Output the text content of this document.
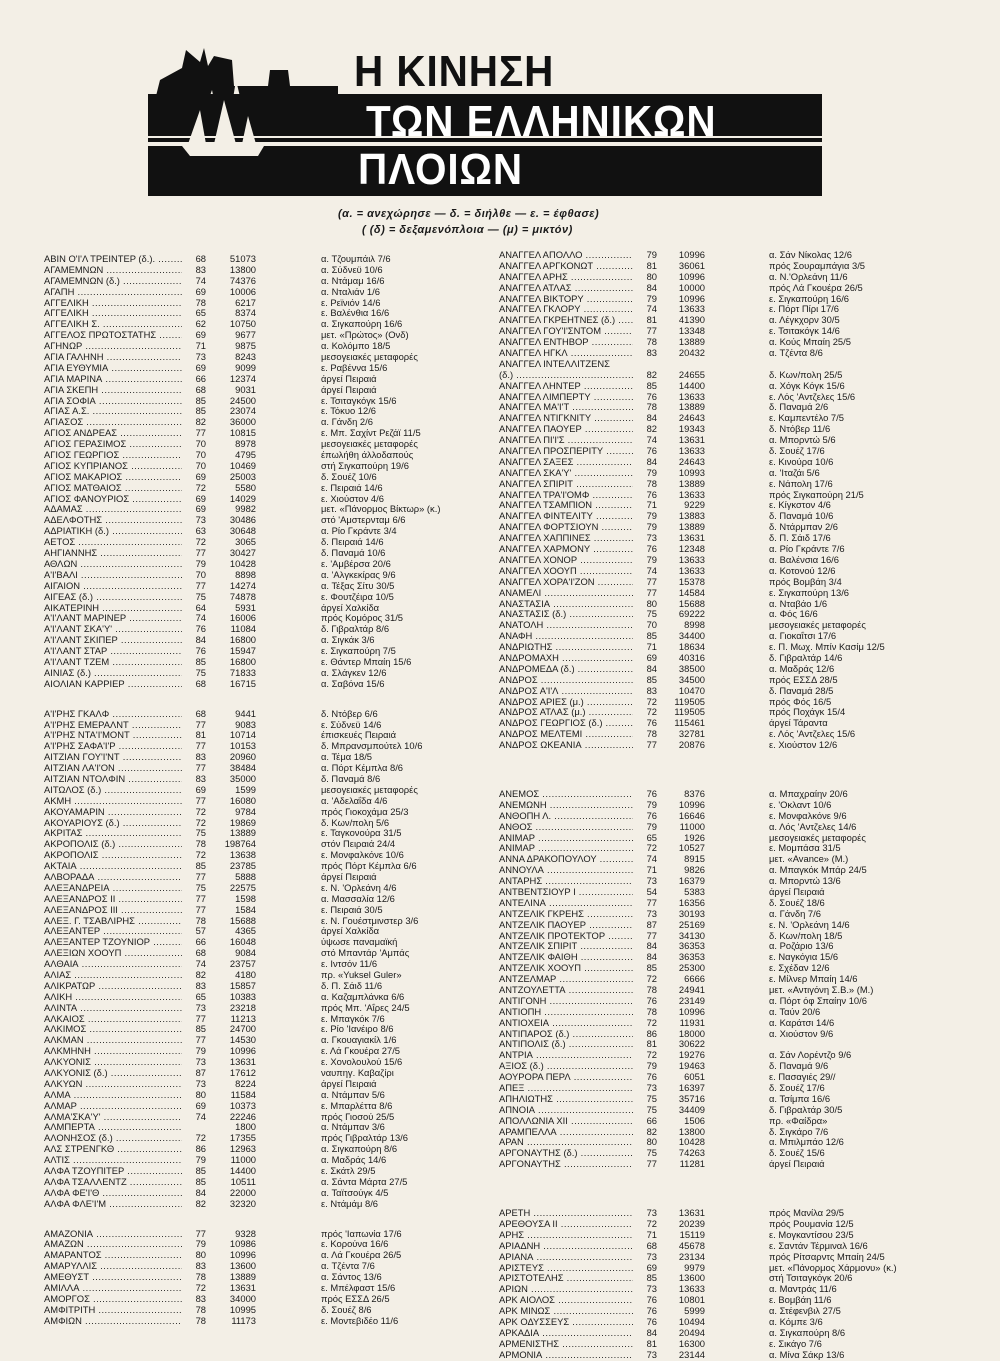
Η ΚΙΝΗΣΗ
ΤΩΝ ΕΛΛΗΝΙΚΩΝ
ΠΛΟΙΩΝ
(α. = ανεχώρησε — δ. = διήλθε — ε. = έφθασε)
( (δ) = δεξαμενόπλοια — (μ) = μικτόν)
ΑΒΙΝ Ο'Ι'Λ ΤΡΕΙΝΤΕΡ (δ.). .....	68	51073	α. Τζουμπάιλ 7/6
ΑΓΑΜΕΜΝΩΝ .....	83	13800	α. Σύδνεϋ 10/6
ΑΓΑΜΕΜΝΩΝ (δ.) .....	74	74376	α. Ντάμαμ 16/6
ΑΓΑΠΗ .....	69	10006	α. Νταλιάν 1/6
ΑΓΓΕΛΙΚΗ .....	78	6217	ε. Ρεϊνιόν 14/6
ΑΓΓΕΛΙΚΗ .....	65	8374	ε. Βαλένθια 16/6
ΑΓΓΕΛΙΚΗ Σ. .....	62	10750	α. Σιγκαπούρη 16/6
ΑΓΓΕΛΟΣ ΠΡΩΤΟΣΤΑΤΗΣ .....	69	9677	μετ. «Πρώτος» (Ονδ)
ΑΓΗΝΩΡ .....	71	9875	α. Κολόμπο 18/5
ΑΓΙΑ ΓΑΛΗΝΗ .....	73	8243	μεσογειακές μεταφορές
ΑΓΙΑ ΕΥΘΥΜΙΑ .....	69	9099	ε. Ραβέννα 15/6
ΑΓΙΑ ΜΑΡΙΝΑ .....	66	12374	άργεί Πειραιά
ΑΓΙΑ ΣΚΕΠΗ .....	68	9031	άργεί Πειραιά
ΑΓΙΑ ΣΟΦΙΑ .....	85	24500	ε. Τσιταγκόγκ 15/6
ΑΓΙΑΣ Α.Σ. .....	85	23074	ε. Τόκυο 12/6
ΑΓΙΑΣΟΣ .....	82	36000	α. Γάνδη 2/6
ΑΓΙΟΣ ΑΝΔΡΕΑΣ .....	77	10815	ε. Μπ. Σαχίντ Ρεζάϊ 11/5
ΑΓΙΟΣ ΓΕΡΑΣΙΜΟΣ .....	70	8978	μεσογειακές μεταφορές
ΑΓΙΟΣ ΓΕΩΡΓΙΟΣ .....	70	4795	έπωλήθη άλλοδαπούς
ΑΓΙΟΣ ΚΥΠΡΙΑΝΟΣ .....	70	10469	στή Σιγκαπούρη 19/6
ΑΓΙΟΣ ΜΑΚΑΡΙΟΣ .....	69	25003	δ. Σουέζ 10/6
ΑΓΙΟΣ ΜΑΤΘΑΙΟΣ .....	72	5580	ε. Πειραιά 14/6
ΑΓΙΟΣ ΦΑΝΟΥΡΙΟΣ .....	69	14029	ε. Χιούστον 4/6
ΑΔΑΜΑΣ .....	69	9982	μετ. «Πάνορμος Βίκτωρ» (κ.)
ΑΔΕΛΦΟΤΗΣ .....	73	30486	στό 'Αμστερνταμ 6/6
ΑΔΡΙΑΤΙΚΗ (δ.) .....	63	30648	α. Ρίο Γκράντε 3/4
ΑΕΤΟΣ .....	72	3065	δ. Πειραιά 14/6
ΑΗΓΙΑΝΝΗΣ .....	77	30427	δ. Παναμά 10/6
ΑΘΛΩΝ .....	79	10428	ε. 'Αμβέρσα 20/6
Α'Ι'ΒΑΛΙ .....	70	8898	α. 'Αλγκεκίρας 9/6
ΑΙΓΑΙΟΝ .....	77	14274	α. Τέξας Σίτυ 30/5
ΑΙΓΕΑΣ (δ.) .....	75	74878	ε. Φουτζέιρα 10/5
ΑΙΚΑΤΕΡΙΝΗ .....	64	5931	άργεί Χαλκίδα
Α'Ι'ΛΑΝΤ ΜΑΡΙΝΕΡ .....	74	16006	πρός Κομόρος 31/5
Α'Ι'ΛΑΝΤ ΣΚΑ'Υ' .....	76	11084	δ. Γιβραλτάρ 8/6
Α'Ι'ΛΑΝΤ ΣΚΙΠΕΡ .....	84	16800	α. Σιγκάκ 3/6
Α'Ι'ΛΑΝΤ ΣΤΑΡ .....	76	15947	ε. Σιγκαπούρη 7/5
Α'Ι'ΛΑΝΤ ΤΖΕΜ .....	85	16800	ε. Θάντερ Μπαίη 15/6
ΑΙΝΙΑΣ (δ.) .....	75	71833	α. Σλάγκεν 12/6
ΑΙΟΛΙΑΝ ΚΑΡΡΙΕΡ .....	68	16715	α. Σαβόνα 15/6
Α'Ι'ΡΗΣ ΓΚΑΛΦ .....	68	9441	δ. Ντόβερ 6/6
Α'Ι'ΡΗΣ ΕΜΕΡΑΛΝΤ .....	77	9083	ε. Σύδνεϋ 14/6
Α'Ι'ΡΗΣ ΝΤΑ'Ι'ΜΟΝΤ .....	81	10714	έπισκευές Πειραιά
Α'Ι'ΡΗΣ ΣΑΦΑ'Ι'Ρ .....	77	10153	δ. Μπρανσμπούτελ 10/6
ΑΙΤΖΙΑΝ ΓΟΥ'Ι'ΝΤ .....	83	20960	α. Τέμα 18/5
ΑΙΤΖΙΑΝ ΛΑ'Ι'ΟΝ .....	77	38484	α. Πόρτ Κέμπλα 8/6
ΑΙΤΖΙΑΝ ΝΤΟΛΦΙΝ .....	83	35000	δ. Παναμά 8/6
ΑΙΤΩΛΟΣ (δ.) .....	69	1599	μεσογειακές μεταφορές
ΑΚΜΗ .....	77	16080	α. 'Αδελαΐδα 4/6
ΑΚΟΥΑΜΑΡΙΝ .....	72	9784	πρός Γιοκοχάμα 25/3
ΑΚΟΥΑΡΙΟΥΣ (δ.) .....	72	19869	δ. Κων/πολη 5/6
ΑΚΡΙΤΑΣ .....	75	13889	ε. Ταγκονούρα 31/5
ΑΚΡΟΠΟΛΙΣ (δ.) .....	78	198764	στόν Πειραιά 24/4
ΑΚΡΟΠΟΛΙΣ .....	72	13638	ε. Μονφαλκόνε 10/6
ΑΚΤΑΙΑ .....	85	23785	πρός Πόρτ Κέμπλα 6/6
ΑΛΒΟΡΑΔΑ .....	77	5888	άργεί Πειραιά
ΑΛΕΞΑΝΔΡΕΙΑ .....	75	22575	ε. Ν. 'Ορλεάνη 4/6
ΑΛΕΞΑΝΔΡΟΣ ΙΙ .....	77	1598	α. Μασσαλία 12/6
ΑΛΕΞΑΝΔΡΟΣ ΙΙΙ .....	77	1584	ε. Πειραιά 30/5
ΑΛΕΞ. Γ. ΤΣΑΒΛΙΡΗΣ .....	78	15688	ε. Ν. Γουέστμινστερ 3/6
ΑΛΕΞΑΝΤΕΡ .....	57	4365	άργεί Χαλκίδα
ΑΛΕΞΑΝΤΕΡ ΤΖΟΥΝΙΟΡ .....	66	16048	ύψωσε παναμαϊκή
ΑΛΕΞΙΩΝ ΧΟΟΥΠ .....	68	9084	στό Μπαντάρ 'Αμπάς
ΑΛΘΑΙΑ .....	74	23757	ε. Ιντσόν 11/6
ΑΛΙΑΣ .....	82	4180	πρ. «Yuksel Guler»
ΑΛΙΚΡΑΤΩΡ .....	83	15857	δ. Π. Σάιδ 11/6
ΑΛΙΚΗ .....	65	10383	α. Καζαμπλάνκα 6/6
ΑΛΙΝΤΑ .....	73	23218	πρός Μπ. 'Αΐρες 24/5
ΑΛΚΑΙΟΣ .....	77	11213	ε. Μπαγκόκ 7/6
ΑΛΚΙΜΟΣ .....	85	24700	ε. Ρίο 'Ιανέιρο 8/6
ΑΛΚΜΑΝ .....	77	14530	α. Γκουαγιακίλ 1/6
ΑΛΚΜΗΝΗ .....	79	10996	ε. Λά Γκουέρα 27/5
ΑΛΚΥΟΝΙΣ .....	73	13631	ε. Χονολουλού 15/6
ΑΛΚΥΟΝΙΣ (δ.) .....	87	17612	ναυπηγ. Καβαζίρι
ΑΛΚΥΩΝ .....	73	8224	άργεί Πειραιά
ΑΛΜΑ .....	80	11584	α. Ντάμπαν 5/6
ΑΛΜΑΡ .....	69	10373	ε. Μπαρλέττα 8/6
ΑΛΜΑ'ΣΚΑ'Υ' .....	74	22246	πρός Γιοσού 25/5
ΑΛΜΠΕΡΤΑ .....	1800	α. Ντάμπαν 3/6
ΑΛΟΝΗΣΟΣ (δ.) .....	72	17355	πρός Γιβραλτάρ 13/6
ΑΛΣ ΣΤΡΕΝΓΚΘ .....	86	12963	α. Σιγκαπούρη 8/6
ΑΛΤΙΣ .....	79	11000	α. Μαδράς 14/6
ΑΛΦΑ ΤΖΟΥΠΙΤΕΡ .....	85	14400	ε. Σκάτλ 29/5
ΑΛΦΑ ΤΣΑΛΛΕΝΤΖ .....	85	10511	α. Σάντα Μάρτα 27/5
ΑΛΦΑ ΦΕ'Ι'Θ .....	84	22000	α. Ταϊτσούγκ 4/5
ΑΛΦΑ ΦΛΕ'Ι'Μ .....	82	32320	ε. Ντάμάμ 8/6
ΑΜΑΖΟΝΙΑ .....	77	9328	πρός 'Ιαπωνία 17/6
ΑΜΑΖΩΝ .....	79	10986	ε. Κορούνα 16/6
ΑΜΑΡΑΝΤΟΣ .....	80	10996	α. Λά Γκουέρα 26/5
ΑΜΑΡΥΛΛΙΣ .....	83	13600	α. Τζέντα 7/6
ΑΜΕΘΥΣΤ .....	78	13889	α. Σάντος 13/6
ΑΜΙΛΛΑ .....	72	13631	ε. Μπέλφαστ 15/6
ΑΜΟΡΓΟΣ .....	83	34000	πρός ΕΣΣΔ 26/5
ΑΜΦΙΤΡΙΤΗ .....	78	10995	δ. Σουέζ 8/6
ΑΜΦΙΩΝ .....	78	11173	ε. Μοντεβιδέο 11/6
ΑΝΑΓΓΕΛ ΑΠΟΛΛΟ .....	79	10996	α. Σάν Νίκολας 12/6
ΑΝΑΓΓΕΛ ΑΡΓΚΟΝΩΤ .....	81	36061	πρός Σουραμπάγια 3/5
ΑΝΑΓΓΕΛ ΑΡΗΣ .....	80	10996	α. Ν.'Ορλεάνη 11/6
ΑΝΑΓΓΕΛ ΑΤΛΑΣ .....	84	10000	πρός Λά Γκουέρα 26/5
ΑΝΑΓΓΕΛ ΒΙΚΤΟΡΥ .....	79	10996	ε. Σιγκαπούρη 16/6
ΑΝΑΓΓΕΛ ΓΚΛΟΡΥ .....	74	13633	ε. Πόρτ Πίρι 17/6
ΑΝΑΓΓΕΛ ΓΚΡΕΗΤΝΕΣ (δ.) .....	81	41390	α. Λέγκχορν 30/5
ΑΝΑΓΓΕΛ ΓΟΥ'Ι'ΣΝΤΟΜ .....	77	13348	ε. Τσιτακόγκ 14/6
ΑΝΑΓΓΕΛ ΕΝΤΗΒΟΡ .....	78	13889	α. Κούς Μπαίη 25/5
ΑΝΑΓΓΕΛ ΗΓΚΛ .....	83	20432	α. Τζέντα 8/6
ΑΝΑΓΓΕΛ ΙΝΤΕΛΛΙΤΖΕΝΣ
(δ.) .....	82	24655	δ. Κων/πολη 25/5
ΑΝΑΓΓΕΛ ΛΗΝΤΕΡ .....	85	14400	α. Χόγκ Κόγκ 15/6
ΑΝΑΓΓΕΛ ΛΙΜΠΕΡΤΥ .....	76	13633	ε. Λός 'Αντζελες 15/6
ΑΝΑΓΓΕΛ ΜΑ'Ι'Τ .....	78	13889	δ. Παναμά 2/6
ΑΝΑΓΓΕΛ ΝΤΙΓΚΝΙΤΥ .....	84	24643	ε. Καμπεντέλο 7/5
ΑΝΑΓΓΕΛ ΠΑΟΥΕΡ .....	82	19343	δ. Ντόβερ 11/6
ΑΝΑΓΓΕΛ ΠΙ'Ι'Σ .....	74	13631	α. Μπορντώ 5/6
ΑΝΑΓΓΕΛ ΠΡΟΣΠΕΡΙΤΥ .....	76	13633	δ. Σουέζ 17/6
ΑΝΑΓΓΕΛ ΣΑΞΕΣ .....	84	24643	ε. Κινούρα 10/6
ΑΝΑΓΓΕΛ ΣΚΑ'Υ' .....	79	10993	α. 'Ιταζάι 5/6
ΑΝΑΓΓΕΛ ΣΠΙΡΙΤ .....	78	13889	ε. Νάπολη 17/6
ΑΝΑΓΓΕΛ ΤΡΑ'Ι'ΟΜΦ .....	76	13633	πρός Σιγκαπούρη 21/5
ΑΝΑΓΓΕΛ ΤΣΑΜΠΙΟΝ .....	71	9229	ε. Κίγκστον 4/6
ΑΝΑΓΓΕΛ ΦΙΝΤΕΛΙΤΥ .....	79	13883	δ. Παναμά 10/6
ΑΝΑΓΓΕΛ ΦΟΡΤΣΙΟΥΝ .....	79	13889	δ. Ντάρμπαν 2/6
ΑΝΑΓΓΕΛ ΧΑΠΠΙΝΕΣ .....	73	13631	δ. Π. Σάιδ 17/6
ΑΝΑΓΓΕΛ ΧΑΡΜΟΝΥ .....	76	12348	α. Ρίο Γκράντε 7/6
ΑΝΑΓΓΕΛ ΧΟΝΟΡ .....	79	13633	α. Βαλένσια 16/6
ΑΝΑΓΓΕΛ ΧΟΟΥΠ .....	74	13633	α. Κοτονού 12/6
ΑΝΑΓΓΕΛ ΧΟΡΑ'Ι'ΖΟΝ .....	77	15378	πρός Βομβάη 3/4
ΑΝΑΜΕΛΙ .....	77	14584	ε. Σιγκαπούρη 13/6
ΑΝΑΣΤΑΣΙΑ .....	80	15688	α. Νταβάο 1/6
ΑΝΑΣΤΑΣΙΣ (δ.) .....	75	69222	α. Φός 16/6
ΑΝΑΤΟΛΗ .....	70	8998	μεσογειακές μεταφορές
ΑΝΑΦΗ .....	85	34400	α. Γιοκαΐτσι 17/6
ΑΝΔΡΙΩΤΗΣ .....	71	18634	ε. Π. Μωχ. Μπίν Κασίμ 12/5
ΑΝΔΡΟΜΑΧΗ .....	69	40316	δ. Γιβραλτάρ 14/6
ΑΝΔΡΟΜΕΔΑ (δ.) .....	84	38500	α. Μαδράς 12/6
ΑΝΔΡΟΣ .....	85	34500	πρός ΕΣΣΔ 28/5
ΑΝΔΡΟΣ Α'Ι'Λ .....	83	10470	δ. Παναμά 28/5
ΑΝΔΡΟΣ ΑΡΙΕΣ (μ.) .....	72	119505	πρός Φός 16/5
ΑΝΔΡΟΣ ΑΤΛΑΣ (μ.) .....	72	119505	πρός Ποχάγκ 15/4
ΑΝΔΡΟΣ ΓΕΩΡΓΙΟΣ (δ.) .....	76	115461	άργεί Τάραντα
ΑΝΔΡΟΣ ΜΕΛΤΕΜΙ .....	78	32781	ε. Λός 'Αντζελες 15/6
ΑΝΔΡΟΣ ΩΚΕΑΝΙΑ .....	77	20876	ε. Χιούστον 12/6
ΑΝΕΜΟΣ .....	76	8376	α. Μπαχραίην 20/6
ΑΝΕΜΩΝΗ .....	79	10996	ε. 'Οκλαντ 10/6
ΑΝΘΟΠΗ Λ. .....	76	16646	ε. Μονφαλκόνε 9/6
ΑΝΘΟΣ .....	79	11000	α. Λός 'Αντζελες 14/6
ΑΝΙΜΑΡ .....	65	1926	μεσογειακές μεταφορές
ΑΝΙΜΑΡ .....	72	10527	ε. Μομπάσα 31/5
ΑΝΝΑ ΔΡΑΚΟΠΟΥΛΟΥ .....	74	8915	μετ. «Avance» (Μ.)
ΑΝΝΟΥΛΑ .....	71	9826	α. Μπαγκόκ Μπάρ 24/5
ΑΝΤΑΡΗΣ .....	73	16379	α. Μπορντώ 13/6
ΑΝΤΒΕΝΤΣΙΟΥΡ Ι .....	54	5383	άργεί Πειραιά
ΑΝΤΕΛΙΝΑ .....	77	16356	δ. Σουέζ 18/6
ΑΝΤΖΕΛΙΚ ΓΚΡΕΗΣ .....	73	30193	α. Γάνδη 7/6
ΑΝΤΖΕΛΙΚ ΠΑΟΥΕΡ .....	87	25169	ε. Ν. 'Ορλεάνη 14/6
ΑΝΤΖΕΛΙΚ ΠΡΟΤΕΚΤΟΡ .....	77	34130	δ. Κων/πολη 18/5
ΑΝΤΖΕΛΙΚ ΣΠΙΡΙΤ .....	84	36353	α. Ροζάριο 13/6
ΑΝΤΖΕΛΙΚ ΦΑΙΘΗ .....	84	36353	ε. Ναγκόγια 15/6
ΑΝΤΖΕΛΙΚ ΧΟΟΥΠ .....	85	25300	ε. Σχέδαν 12/6
ΑΝΤΖΕΛΜΑΡ .....	72	6666	ε. Μίλνερ Μπαίη 14/6
ΑΝΤΖΟΥΛΕΤΤΑ .....	78	24941	μετ. «Αντιγόνη Σ.Β.» (Μ.)
ΑΝΤΙΓΟΝΗ .....	76	23149	α. Πόρτ όφ Σπαίην 10/6
ΑΝΤΙΟΠΗ .....	78	10996	α. Ταύν 20/6
ΑΝΤΙΟΧΕΙΑ .....	72	11931	α. Καράτσι 14/6
ΑΝΤΙΠΑΡΟΣ (δ.) .....	86	18000	α. Χιούστον 9/6
ΑΝΤΙΠΟΛΙΣ (δ.) .....	81	30622
ΑΝΤΡΙΑ .....	72	19276	α. Σάν Λορέντζο 9/6
ΑΞΙΟΣ (δ.) .....	79	19463	δ. Παναμά 9/6
ΑΟΥΡΟΡΑ ΠΕΡΛ .....	76	6051	ε. Πασαγιές 29//
ΑΠΕΞ .....	73	16397	δ. Σουέζ 17/6
ΑΠΗΛΙΩΤΗΣ .....	75	35716	α. Τσίμπα 16/6
ΑΠΝΟΙΑ .....	75	34409	δ. Γιβραλτάρ 30/5
ΑΠΟΛΛΩΝΙΑ ΧΙΙ .....	66	1506	πρ. «Φαίδρα»
ΑΡΑΜΠΕΛΛΑ .....	82	13800	δ. Σιγκάρο 7/6
ΑΡΑΝ .....	80	10428	α. Μπιλμπάο 12/6
ΑΡΓΟΝΑΥΤΗΣ (δ.) .....	75	74263	δ. Σουέζ 15/6
ΑΡΓΟΝΑΥΤΗΣ .....	77	11281	άργεί Πειραιά
ΑΡΕΤΗ .....	73	13631	πρός Μανίλα 29/5
ΑΡΕΘΟΥΣΑ ΙΙ .....	72	20239	πρός Ρουμανία 12/5
ΑΡΗΣ .....	71	15119	ε. Μογκαντίσου 23/5
ΑΡΙΑΔΝΗ .....	68	45678	ε. Σαντάν Τέρμιναλ 16/6
ΑΡΙΑΝΑ .....	73	23134	πρός Ρίτσαρντς Μπαίη 24/5
ΑΡΙΣΤΕΥΣ .....	69	9979	μετ. «Πάνορμος Χάρμονυ» (κ.)
ΑΡΙΣΤΟΤΕΛΗΣ .....	85	13600	στή Τσιταγκόγκ 20/6
ΑΡΙΩΝ .....	73	13633	α. Μαντράς 11/6
ΑΡΚ ΑΙΟΛΟΣ .....	76	10801	ε. Βομβάη 11/6
ΑΡΚ ΜΙΝΩΣ .....	76	5999	α. Στέφενβιλ 27/5
ΑΡΚ ΟΔΥΣΣΕΥΣ .....	76	10494	α. Κόμπε 3/6
ΑΡΚΑΔΙΑ .....	84	20494	α. Σιγκαπούρη 8/6
ΑΡΜΕΝΙΣΤΗΣ .....	81	16300	ε. Σικάγο 7/6
ΑΡΜΟΝΙΑ .....	73	23144	α. Μίνα Σάκρ 13/6
